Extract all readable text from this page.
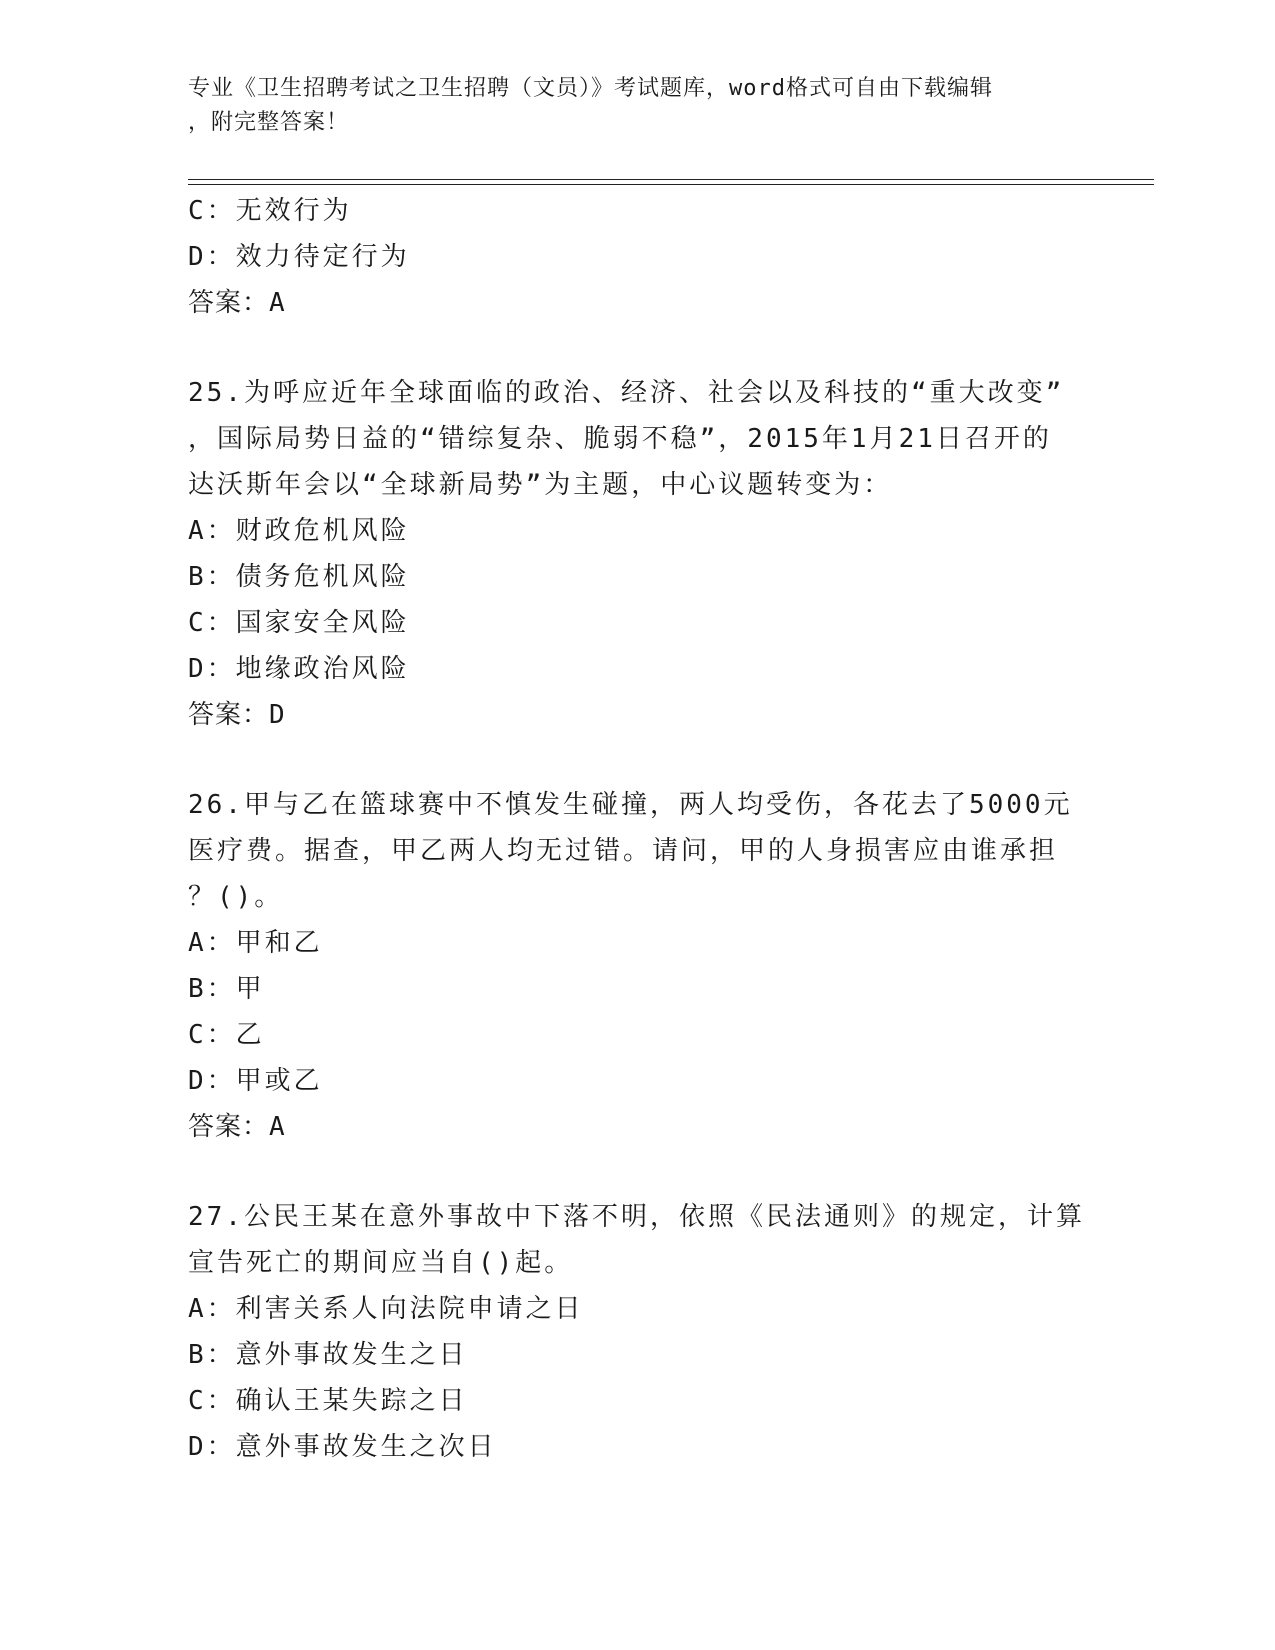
专业《卫生招聘考试之卫生招聘（文员）》考试题库，word格式可自由下载编辑
，附完整答案！
C：无效行为
D：效力待定行为
答案：A
25.为呼应近年全球面临的政治、经济、社会以及科技的“重大改变”
，国际局势日益的“错综复杂、脆弱不稳”，2015年1月21日召开的
达沃斯年会以“全球新局势”为主题，中心议题转变为：
A：财政危机风险
B：债务危机风险
C：国家安全风险
D：地缘政治风险
答案：D
26.甲与乙在篮球赛中不慎发生碰撞，两人均受伤，各花去了5000元
医疗费。据查，甲乙两人均无过错。请问，甲的人身损害应由谁承担
？()。
A：甲和乙
B：甲
C：乙
D：甲或乙
答案：A
27.公民王某在意外事故中下落不明，依照《民法通则》的规定，计算
宣告死亡的期间应当自()起。
A：利害关系人向法院申请之日
B：意外事故发生之日
C：确认王某失踪之日
D：意外事故发生之次日
